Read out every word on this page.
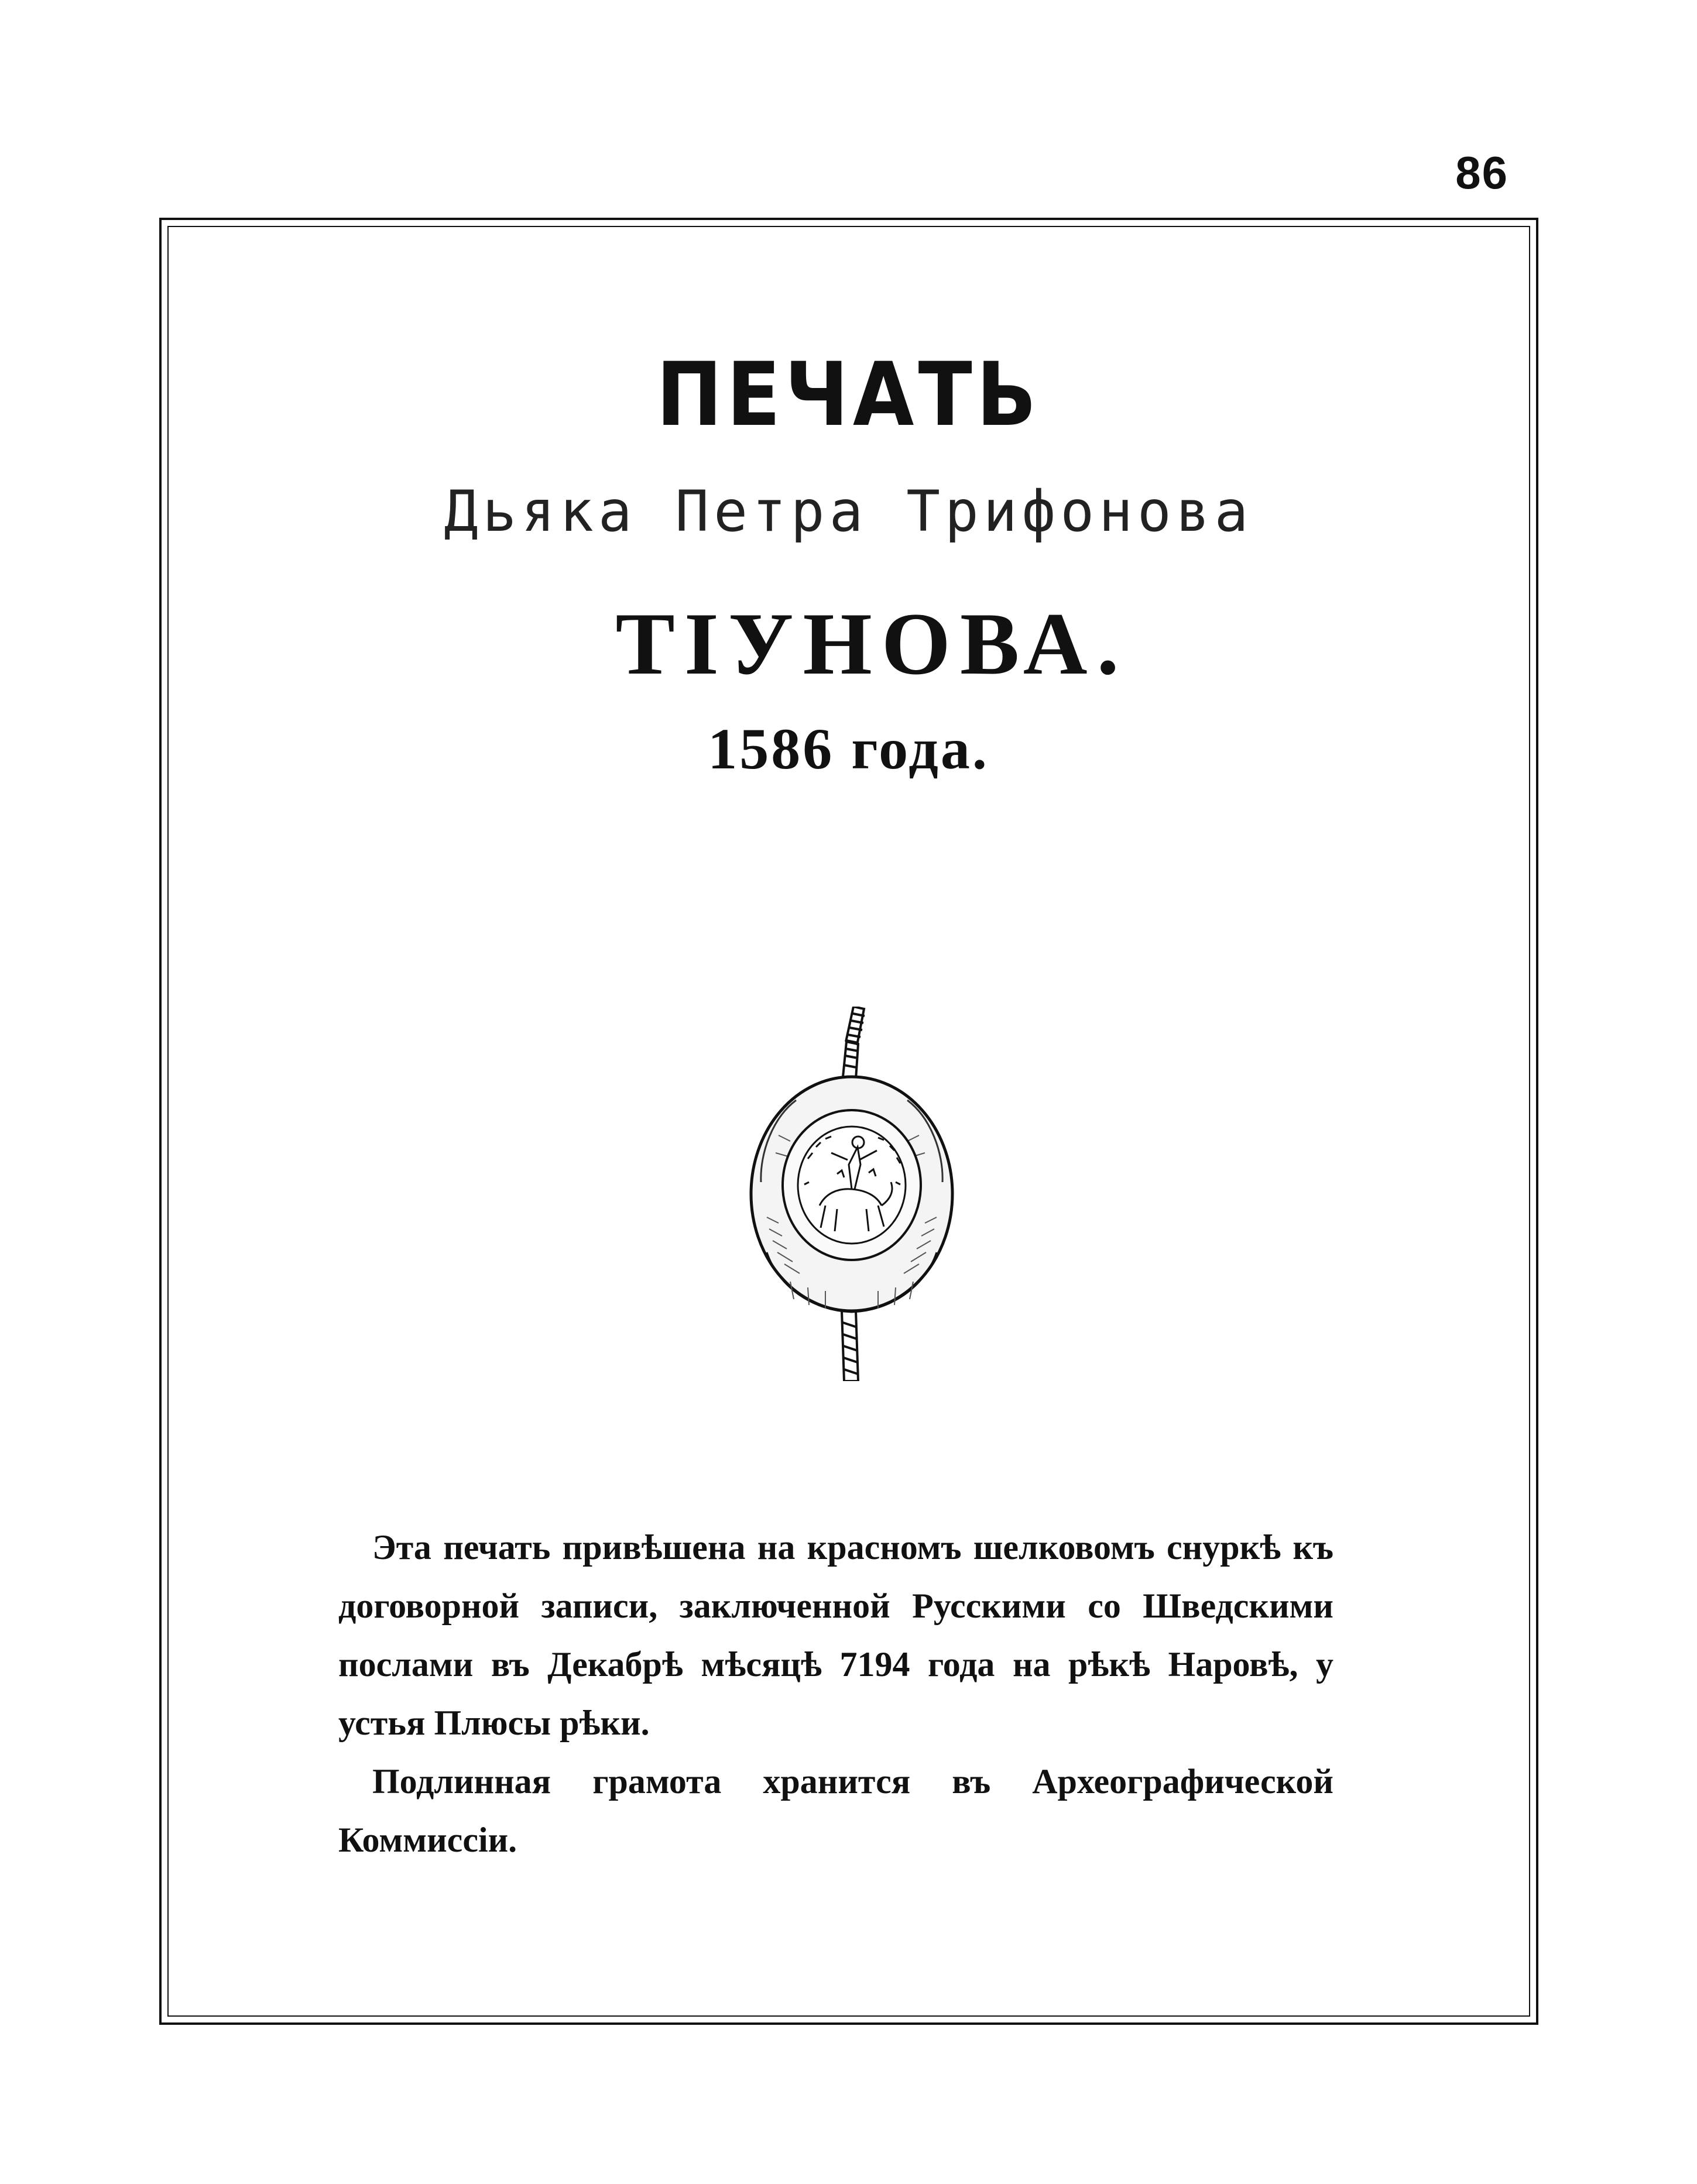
86
ПЕЧАТЬ
Дьяка Петра Трифонова
ТІУНОВА.
1586 года.

Эта печать привѣшена на красномъ шелковомъ снуркѣ къ договорной записи, заключенной Русскими со Шведскими послами въ Декабрѣ мѣсяцѣ 7194 года на рѣкѣ Наровѣ, у устья Плюсы рѣки.

Подлинная грамота хранится въ Археографической Коммиссіи.
